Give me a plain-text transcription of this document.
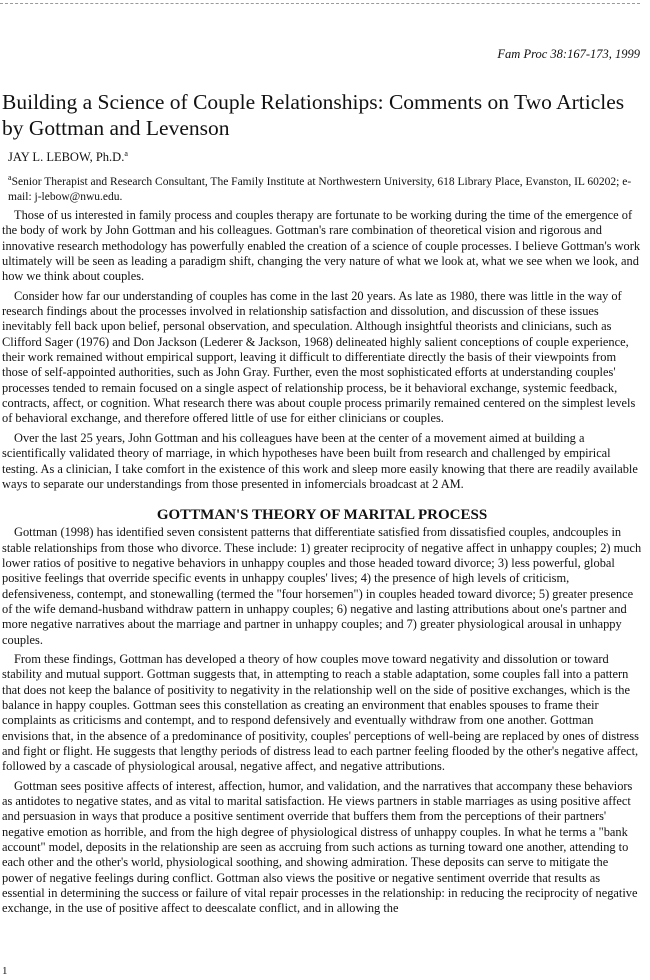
Fam Proc 38:167-173, 1999
Building a Science of Couple Relationships: Comments on Two Articles by Gottman and Levenson
JAY L. LEBOW, Ph.D.$^a$
$^a$Senior Therapist and Research Consultant, The Family Institute at Northwestern University, 618 Library Place, Evanston, IL 60202; e-mail: j-lebow@nwu.edu.

Those of us interested in family process and couples therapy are fortunate to be working during the time of the emergence of the body of work by John Gottman and his colleagues. Gottman's rare combination of theoretical vision and rigorous and innovative research methodology has powerfully enabled the creation of a science of couple processes. I believe Gottman's work ultimately will be seen as leading a paradigm shift, changing the very nature of what we look at, what we see when we look, and how we think about couples.

Consider how far our understanding of couples has come in the last 20 years. As late as 1980, there was little in the way of research findings about the processes involved in relationship satisfaction and dissolution, and discussion of these issues inevitably fell back upon belief, personal observation, and speculation. Although insightful theorists and clinicians, such as Clifford Sager (1976) and Don Jackson (Lederer & Jackson, 1968) delineated highly salient conceptions of couple experience, their work remained without empirical support, leaving it difficult to differentiate directly the basis of their viewpoints from those of self-appointed authorities, such as John Gray. Further, even the most sophisticated efforts at understanding couples' processes tended to remain focused on a single aspect of relationship process, be it behavioral exchange, systemic feedback, contracts, affect, or cognition. What research there was about couple process primarily remained centered on the simplest levels of behavioral exchange, and therefore offered little of use for either clinicians or couples.

Over the last 25 years, John Gottman and his colleagues have been at the center of a movement aimed at building a scientifically validated theory of marriage, in which hypotheses have been built from research and challenged by empirical testing. As a clinician, I take comfort in the existence of this work and sleep more easily knowing that there are readily available ways to separate our understandings from those presented in infomercials broadcast at 2 AM.

GOTTMAN'S THEORY OF MARITAL PROCESS

Gottman (1998) has identified seven consistent patterns that differentiate satisfied from dissatisfied couples, andcouples in stable relationships from those who divorce. These include: 1) greater reciprocity of negative affect in unhappy couples; 2) much lower ratios of positive to negative behaviors in unhappy couples and those headed toward divorce; 3) less powerful, global positive feelings that override specific events in unhappy couples' lives; 4) the presence of high levels of criticism, defensiveness, contempt, and stonewalling (termed the "four horsemen") in couples headed toward divorce; 5) greater presence of the wife demand-husband withdraw pattern in unhappy couples; 6) negative and lasting attributions about one's partner and more negative narratives about the marriage and partner in unhappy couples; and 7) greater physiological arousal in unhappy couples.

From these findings, Gottman has developed a theory of how couples move toward negativity and dissolution or toward stability and mutual support. Gottman suggests that, in attempting to reach a stable adaptation, some couples fall into a pattern that does not keep the balance of positivity to negativity in the relationship well on the side of positive exchanges, which is the balance in happy couples. Gottman sees this constellation as creating an environment that enables spouses to frame their complaints as criticisms and contempt, and to respond defensively and eventually withdraw from one another. Gottman envisions that, in the absence of a predominance of positivity, couples' perceptions of well-being are replaced by ones of distress and fight or flight. He suggests that lengthy periods of distress lead to each partner feeling flooded by the other's negative affect, followed by a cascade of physiological arousal, negative affect, and negative attributions.

Gottman sees positive affects of interest, affection, humor, and validation, and the narratives that accompany these behaviors as antidotes to negative states, and as vital to marital satisfaction. He views partners in stable marriages as using positive affect and persuasion in ways that produce a positive sentiment override that buffers them from the perceptions of their partners' negative emotion as horrible, and from the high degree of physiological distress of unhappy couples. In what he terms a "bank account" model, deposits in the relationship are seen as accruing from such actions as turning toward one another, attending to each other and the other's world, physiological soothing, and showing admiration. These deposits can serve to mitigate the power of negative feelings during conflict. Gottman also views the positive or negative sentiment override that results as essential in determining the success or failure of vital repair processes in the relationship: in reducing the reciprocity of negative exchange, in the use of positive affect to deescalate conflict, and in allowing the

1
